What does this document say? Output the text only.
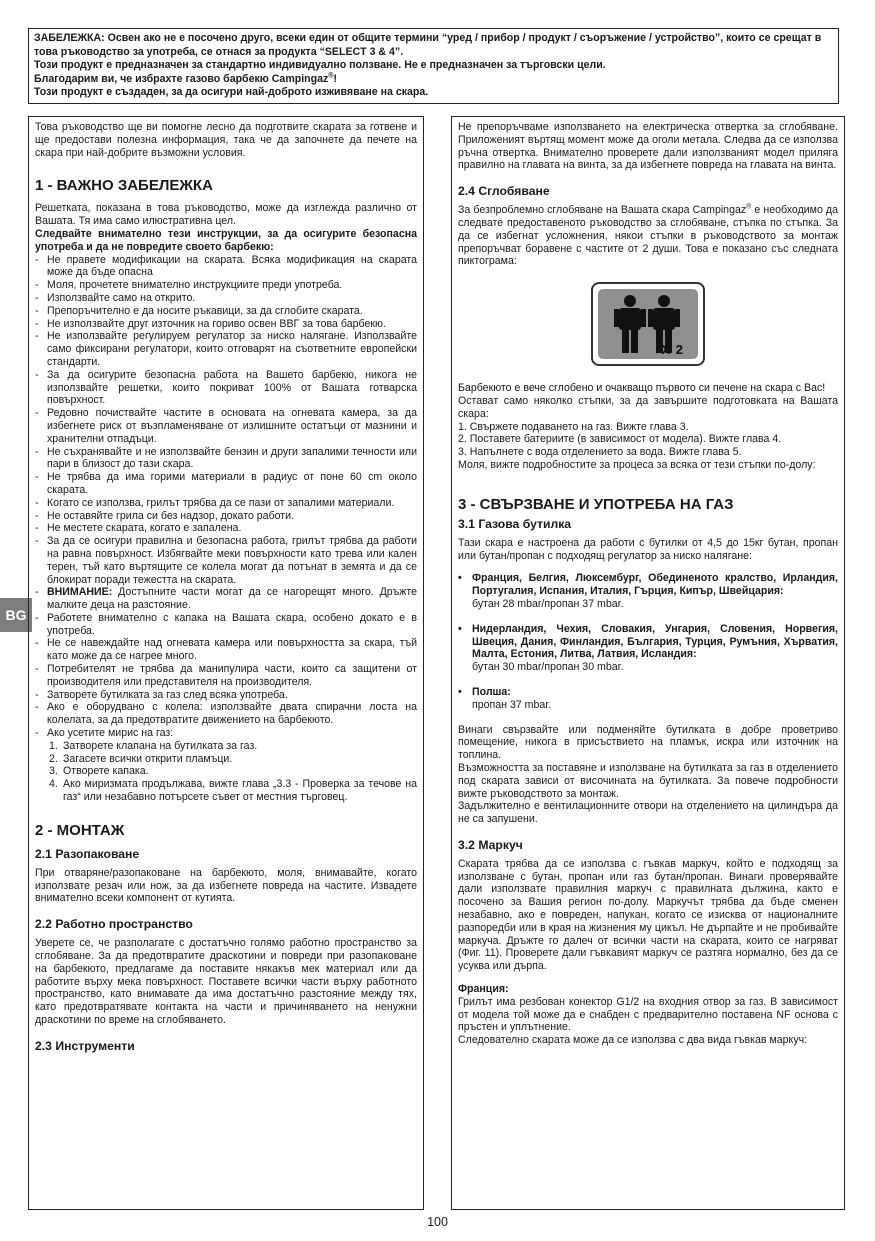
ЗАБЕЛЕЖКА: Освен ако не е посочено друго, всеки един от общите термини “уред / прибор / продукт / съоръжение / устройство”, които се срещат в това ръководство за употреба, се отнася за продукта “SELECT 3 & 4”.
Този продукт е предназначен за стандартно индивидуално ползване. Не е предназначен за търговски цели.
Благодарим ви, че избрахте газово барбекю Campingaz®!
Този продукт е създаден, за да осигури най-доброто изживяване на скара.
BG

Това ръководство ще ви помогне лесно да подготвите скарата за готвене и ще предостави полезна информация, така че да започнете да печете на скара при най-добрите възможни условия.

1 - ВАЖНО ЗАБЕЛЕЖКА

Решетката, показана в това ръководство, може да изглежда различно от Вашата. Тя има само илюстративна цел.

Следвайте внимателно тези инструкции, за да осигурите безопасна употреба и да не повредите своето барбекю:

- Не правете модификации на скарата. Всяка модификация на скарата може да бъде опасна
- Моля, прочетете внимателно инструкциите преди употреба.
- Използвайте само на открито.
- Препоръчително е да носите ръкавици, за да сглобите скарата.
- Не използвайте друг източник на гориво освен ВВГ за това барбекю.
- Не използвайте регулируем регулатор за ниско налягане. Използвайте само фиксирани регулатори, които отговарят на съответните европейски стандарти.
- За да осигурите безопасна работа на Вашето барбекю, никога не използвайте решетки, които покриват 100% от Вашата готварска повърхност.
- Редовно почиствайте частите в основата на огневата камера, за да избегнете риск от възпламеняване от излишните остатъци от мазнини и хранителни отпадъци.
- Не съхранявайте и не използвайте бензин и други запалими течности или пари в близост до тази скара.
- Не трябва да има горими материали в радиус от поне 60 cm около скарата.
- Когато се използва, грилът трябва да се пази от запалими материали.
- Не оставяйте грила си без надзор, докато работи.
- Не местете скарата, когато е запалена.
- За да се осигури правилна и безопасна работа, грилът трябва да работи на равна повърхност. Избягвайте меки повърхности като трева или кален терен, тъй като въртящите се колела могат да потънат в земята и да се блокират поради тежестта на скарата.
- ВНИМАНИЕ: Достъпните части могат да се нагорещят много. Дръжте малките деца на разстояние.
- Работете внимателно с капака на Вашата скара, особено докато е в употреба.
- Не се навеждайте над огневата камера или повърхността за скара, тъй като може да се нагрее много.
- Потребителят не трябва да манипулира части, които са защитени от производителя или представителя на производителя.
- Затворете бутилката за газ след всяка употреба.
- Ако е оборудвано с колела: използвайте двата спирачни лоста на колелата, за да предотвратите движението на барбекюто.
- Ако усетите мирис на газ:
1. Затворете клапана на бутилката за газ.
2. Загасете всички открити пламъци.
3. Отворете капака.
4. Ако миризмата продължава, вижте глава „3.3 - Проверка за течове на газ“ или незабавно потърсете съвет от местния търговец.
2 - МОНТАЖ
2.1 Разопаковане

При отваряне/разопаковане на барбекюто, моля, внимавайте, когато използвате резач или нож, за да избегнете повреда на частите. Извадете внимателно всеки компонент от кутията.

2.2 Работно пространство

Уверете се, че разполагате с достатъчно голямо работно пространство за сглобяване. За да предотвратите драскотини и повреди при разопаковане на барбекюто, предлагаме да поставите някакъв мек материал или да работите върху мека повърхност. Поставете всички части върху работното пространство, като внимавате да има достатъчно разстояние между тях, като предотвратявате контакта на части и причиняването на ненужни драскотини по време на сглобяването.

2.3 Инструменти

Не препоръчваме използването на електрическа отвертка за сглобяване. Приложеният въртящ момент може да оголи метала. Следва да се използва ръчна отвертка. Внимателно проверете дали използваният модел приляга правилно на главата на винта, за да избегнете повреда на главата на винта.

2.4 Сглобяване

За безпроблемно сглобяване на Вашата скара Campingaz® е необходимо да следвате предоставеното ръководство за сглобяване, стъпка по стъпка. За да се избегнат усложнения, някои стъпки в ръководството за монтаж препоръчват боравене с частите от 2 души. Това е показано със следната пиктограма:

X 2

Барбекюто е вече сглобено и очакващо първото си печене на скара с Вас!

Остават само няколко стъпки, за да завършите подготовката на Вашата скара:

1. Свържете подаването на газ. Вижте глава 3.

2. Поставете батериите (в зависимост от модела). Вижте глава 4.

3. Напълнете с вода отделението за вода. Вижте глава 5.

Моля, вижте подробностите за процеса за всяка от тези стъпки по-долу:

3 - СВЪРЗВАНЕ И УПОТРЕБА НА ГАЗ
3.1 Газова бутилка

Тази скара е настроена да работи с бутилки от 4,5 до 15кг бутан, пропан или бутан/пропан с подходящ регулатор за ниско налягане:

• Франция, Белгия, Люксембург, Обединеното кралство, Ирландия, Португалия, Испания, Италия, Гърция, Кипър, Швейцария:
бутан 28 mbar/пропан 37 mbar.
• Нидерландия, Чехия, Словакия, Унгария, Словения, Норвегия, Швеция, Дания, Финландия, България, Турция, Румъния, Хърватия, Малта, Естония, Литва, Латвия, Исландия:
бутан 30 mbar/пропан 30 mbar.
• Полша:
пропан 37 mbar.

Винаги свързвайте или подменяйте бутилката в добре проветриво помещение, никога в присъствието на пламък, искра или източник на топлина.

Възможността за поставяне и използване на бутилката за газ в отделението под скарата зависи от височината на бутилката. За повече подробности вижте ръководството за монтаж.

Задължително е вентилационните отвори на отделението на цилиндъра да не са запушени.

3.2 Маркуч

Скарата трябва да се използва с гъвкав маркуч, който е подходящ за използване с бутан, пропан или газ бутан/пропан. Винаги проверявайте дали използвате правилния маркуч с правилната дължина, както е посочено за Вашия регион по-долу. Маркучът трябва да бъде сменен незабавно, ако е повреден, напукан, когато се изисква от националните разпоредби или в края на жизнения му цикъл. Не дърпайте и не пробивайте маркуча. Дръжте го далеч от всички части на скарата, които се нагряват (Фиг. 11). Проверете дали гъвкавият маркуч се разтяга нормално, без да се усуква или дърпа.

Франция:

Грилът има резбован конектор G1/2 на входния отвор за газ. В зависимост от модела той може да е снабден с предварително поставена NF основа с пръстен и уплътнение.

Следователно скарата може да се използва с два вида гъвкав маркуч:

100
